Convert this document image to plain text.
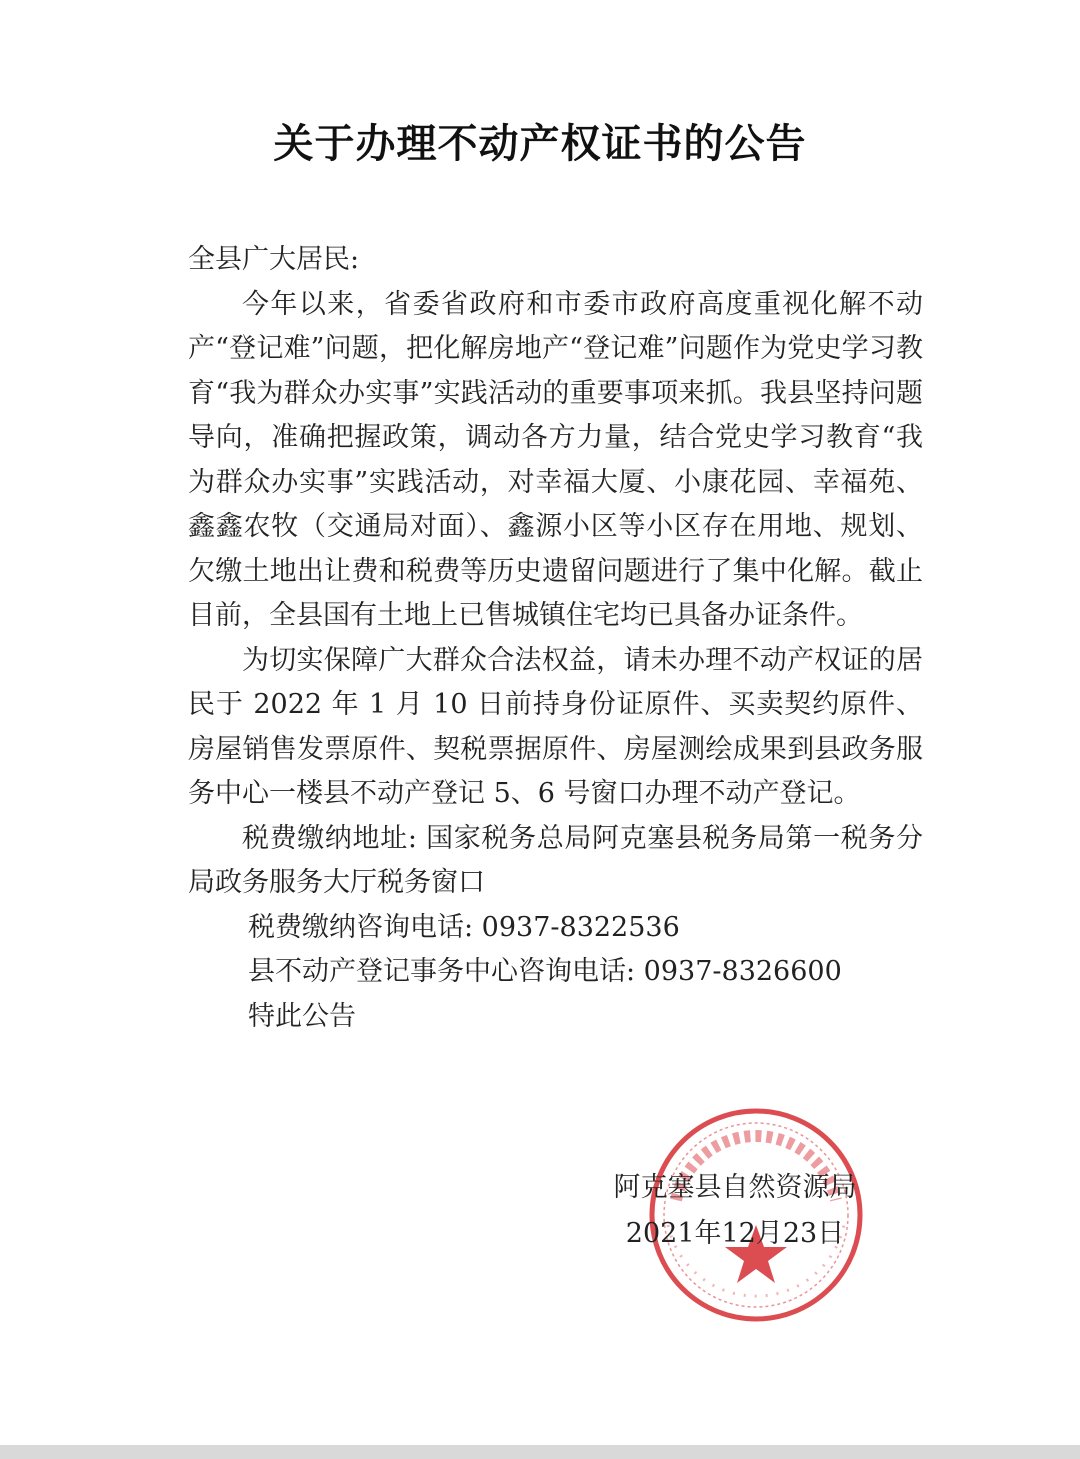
关于办理不动产权证书的公告

全县广大居民:

今年以来，省委省政府和市委市政府高度重视化解不动产“登记难”问题，把化解房地产“登记难”问题作为党史学习教育“我为群众办实事”实践活动的重要事项来抓。我县坚持问题导向，准确把握政策，调动各方力量，结合党史学习教育“我为群众办实事”实践活动，对幸福大厦、小康花园、幸福苑、鑫鑫农牧（交通局对面）、鑫源小区等小区存在用地、规划、欠缴土地出让费和税费等历史遗留问题进行了集中化解。截止目前，全县国有土地上已售城镇住宅均已具备办证条件。

为切实保障广大群众合法权益，请未办理不动产权证的居民于 2022 年 1 月 10 日前持身份证原件、买卖契约原件、房屋销售发票原件、契税票据原件、房屋测绘成果到县政务服务中心一楼县不动产登记 5、6 号窗口办理不动产登记。

税费缴纳地址: 国家税务总局阿克塞县税务局第一税务分局政务服务大厅税务窗口

税费缴纳咨询电话: 0937-8322536

县不动产登记事务中心咨询电话: 0937-8326600

特此公告

阿克塞县自然资源局
2021年12月23日
